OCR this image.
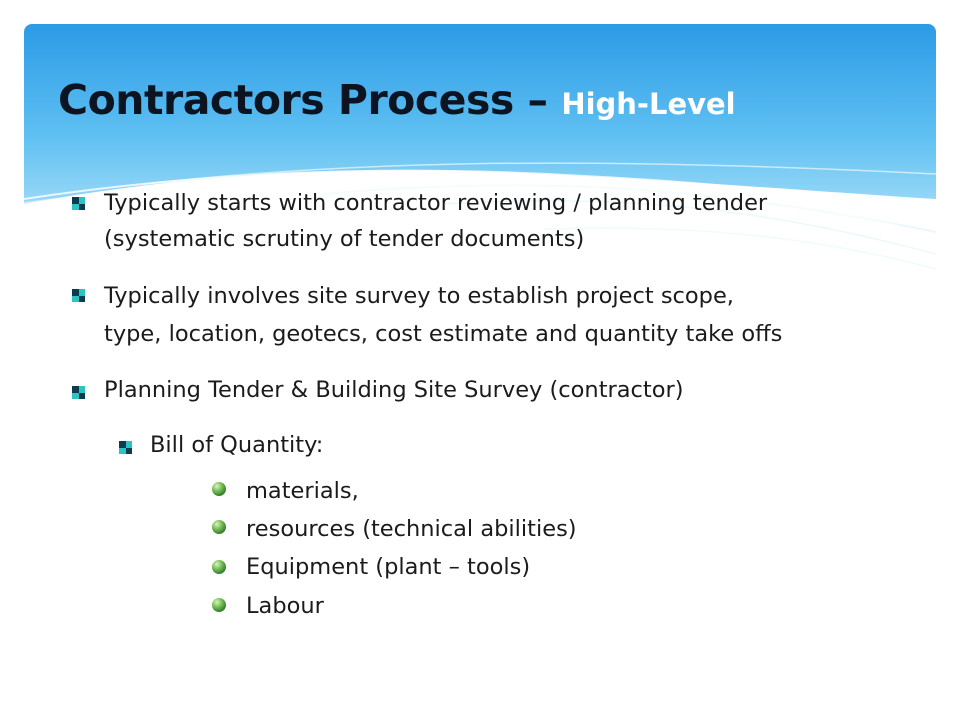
Contractors Process – High-Level
Typically starts with contractor reviewing / planning tender
(systematic scrutiny of tender documents)
Typically involves site survey to establish project scope,
type, location, geotecs, cost estimate and quantity take offs
Planning Tender & Building Site Survey (contractor)
Bill of Quantity:
materials,
resources (technical abilities)
Equipment (plant – tools)
Labour
